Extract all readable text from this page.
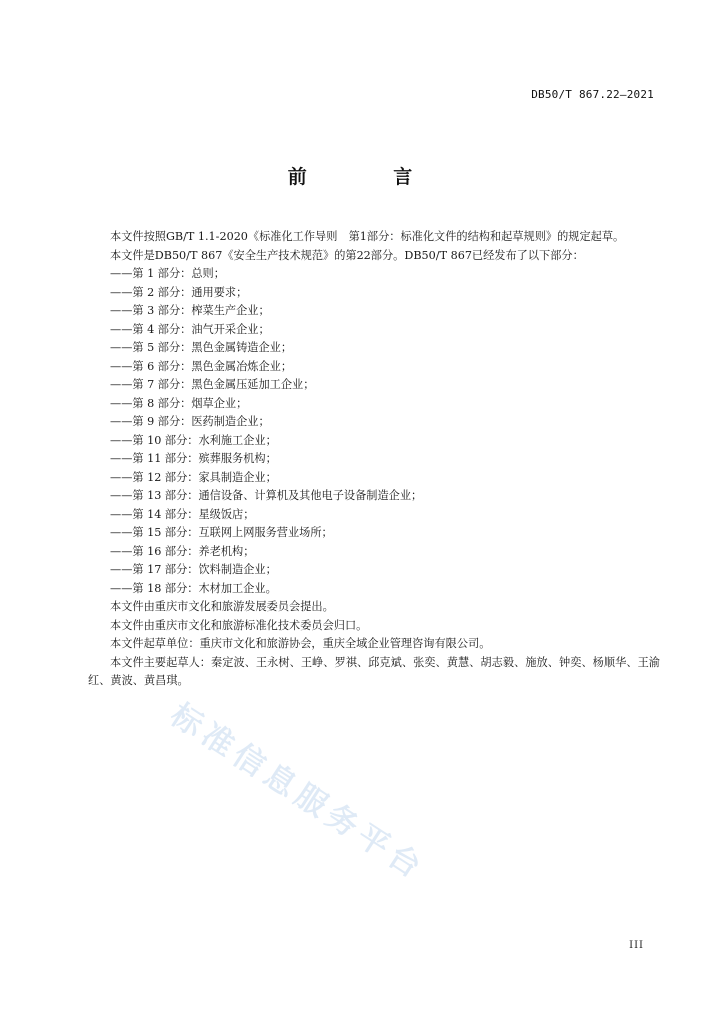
DB50/T 867.22—2021
前 言

本文件按照GB/T 1.1-2020《标准化工作导则　第1部分：标准化文件的结构和起草规则》的规定起草。

本文件是DB50/T 867《安全生产技术规范》的第22部分。DB50/T 867已经发布了以下部分：

——第 1 部分：总则；
——第 2 部分：通用要求；
——第 3 部分：榨菜生产企业；
——第 4 部分：油气开采企业；
——第 5 部分：黑色金属铸造企业；
——第 6 部分：黑色金属冶炼企业；
——第 7 部分：黑色金属压延加工企业；
——第 8 部分：烟草企业；
——第 9 部分：医药制造企业；
——第 10 部分：水利施工企业；
——第 11 部分：殡葬服务机构；
——第 12 部分：家具制造企业；
——第 13 部分：通信设备、计算机及其他电子设备制造企业；
——第 14 部分：星级饭店；
——第 15 部分：互联网上网服务营业场所；
——第 16 部分：养老机构；
——第 17 部分：饮料制造企业；
——第 18 部分：木材加工企业。

本文件由重庆市文化和旅游发展委员会提出。

本文件由重庆市文化和旅游标准化技术委员会归口。

本文件起草单位：重庆市文化和旅游协会，重庆全域企业管理咨询有限公司。

本文件主要起草人：秦定波、王永树、王峥、罗祺、邱克斌、张奕、黄慧、胡志毅、施放、钟奕、杨顺华、王渝红、黄波、黄昌琪。

标准信息服务平台
III
